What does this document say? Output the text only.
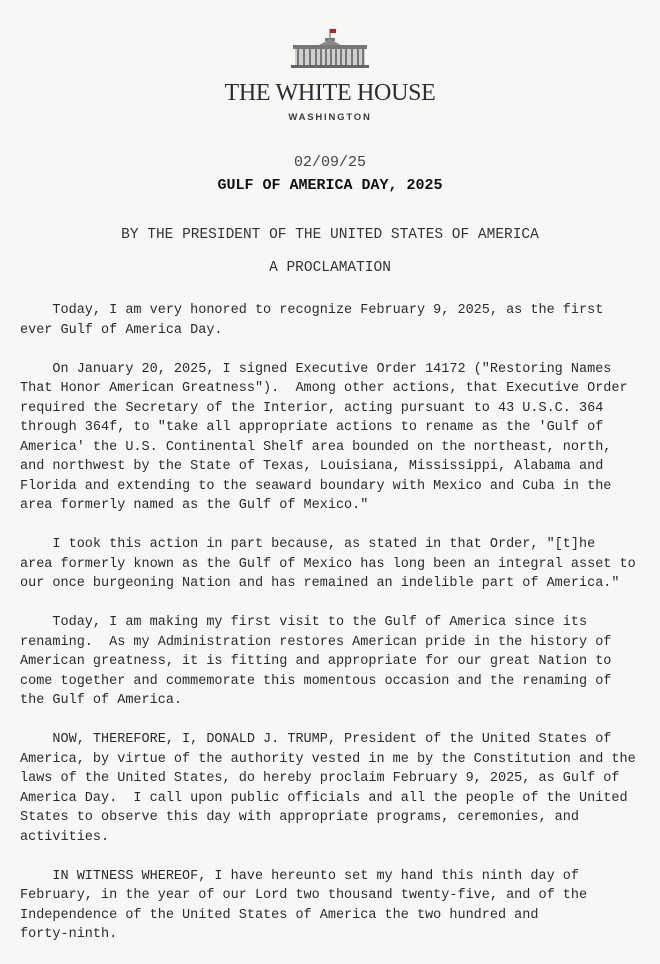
THE WHITE HOUSE
WASHINGTON
02/09/25
GULF OF AMERICA DAY, 2025
BY THE PRESIDENT OF THE UNITED STATES OF AMERICA
A PROCLAMATION

Today, I am very honored to recognize February 9, 2025, as the first
ever Gulf of America Day.

On January 20, 2025, I signed Executive Order 14172 ("Restoring Names
That Honor American Greatness").  Among other actions, that Executive Order
required the Secretary of the Interior, acting pursuant to 43 U.S.C. 364
through 364f, to "take all appropriate actions to rename as the 'Gulf of
America' the U.S. Continental Shelf area bounded on the northeast, north,
and northwest by the State of Texas, Louisiana, Mississippi, Alabama and
Florida and extending to the seaward boundary with Mexico and Cuba in the
area formerly named as the Gulf of Mexico."

I took this action in part because, as stated in that Order, "[t]he
area formerly known as the Gulf of Mexico has long been an integral asset to
our once burgeoning Nation and has remained an indelible part of America."

Today, I am making my first visit to the Gulf of America since its
renaming.  As my Administration restores American pride in the history of
American greatness, it is fitting and appropriate for our great Nation to
come together and commemorate this momentous occasion and the renaming of
the Gulf of America.

NOW, THEREFORE, I, DONALD J. TRUMP, President of the United States of
America, by virtue of the authority vested in me by the Constitution and the
laws of the United States, do hereby proclaim February 9, 2025, as Gulf of
America Day.  I call upon public officials and all the people of the United
States to observe this day with appropriate programs, ceremonies, and
activities.

IN WITNESS WHEREOF, I have hereunto set my hand this ninth day of
February, in the year of our Lord two thousand twenty-five, and of the
Independence of the United States of America the two hundred and
forty-ninth.
